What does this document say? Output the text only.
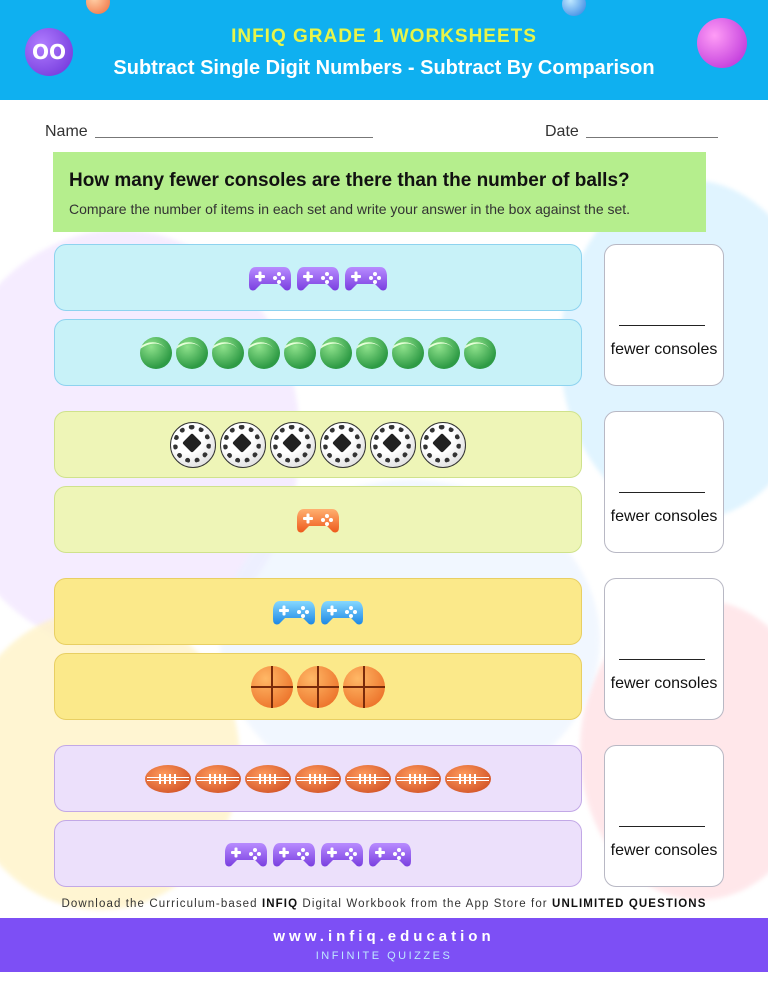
OO
INFIQ GRADE 1 WORKSHEETS
Subtract Single Digit Numbers - Subtract By Comparison
Name	Date
How many fewer consoles are there than the number of balls?
Compare the number of items in each set and write your answer in the box against the set.
fewer consoles
fewer consoles
fewer consoles
fewer consoles
Download the Curriculum-based INFIQ Digital Workbook from the App Store for UNLIMITED QUESTIONS
www.infiq.education
INFINITE QUIZZES
